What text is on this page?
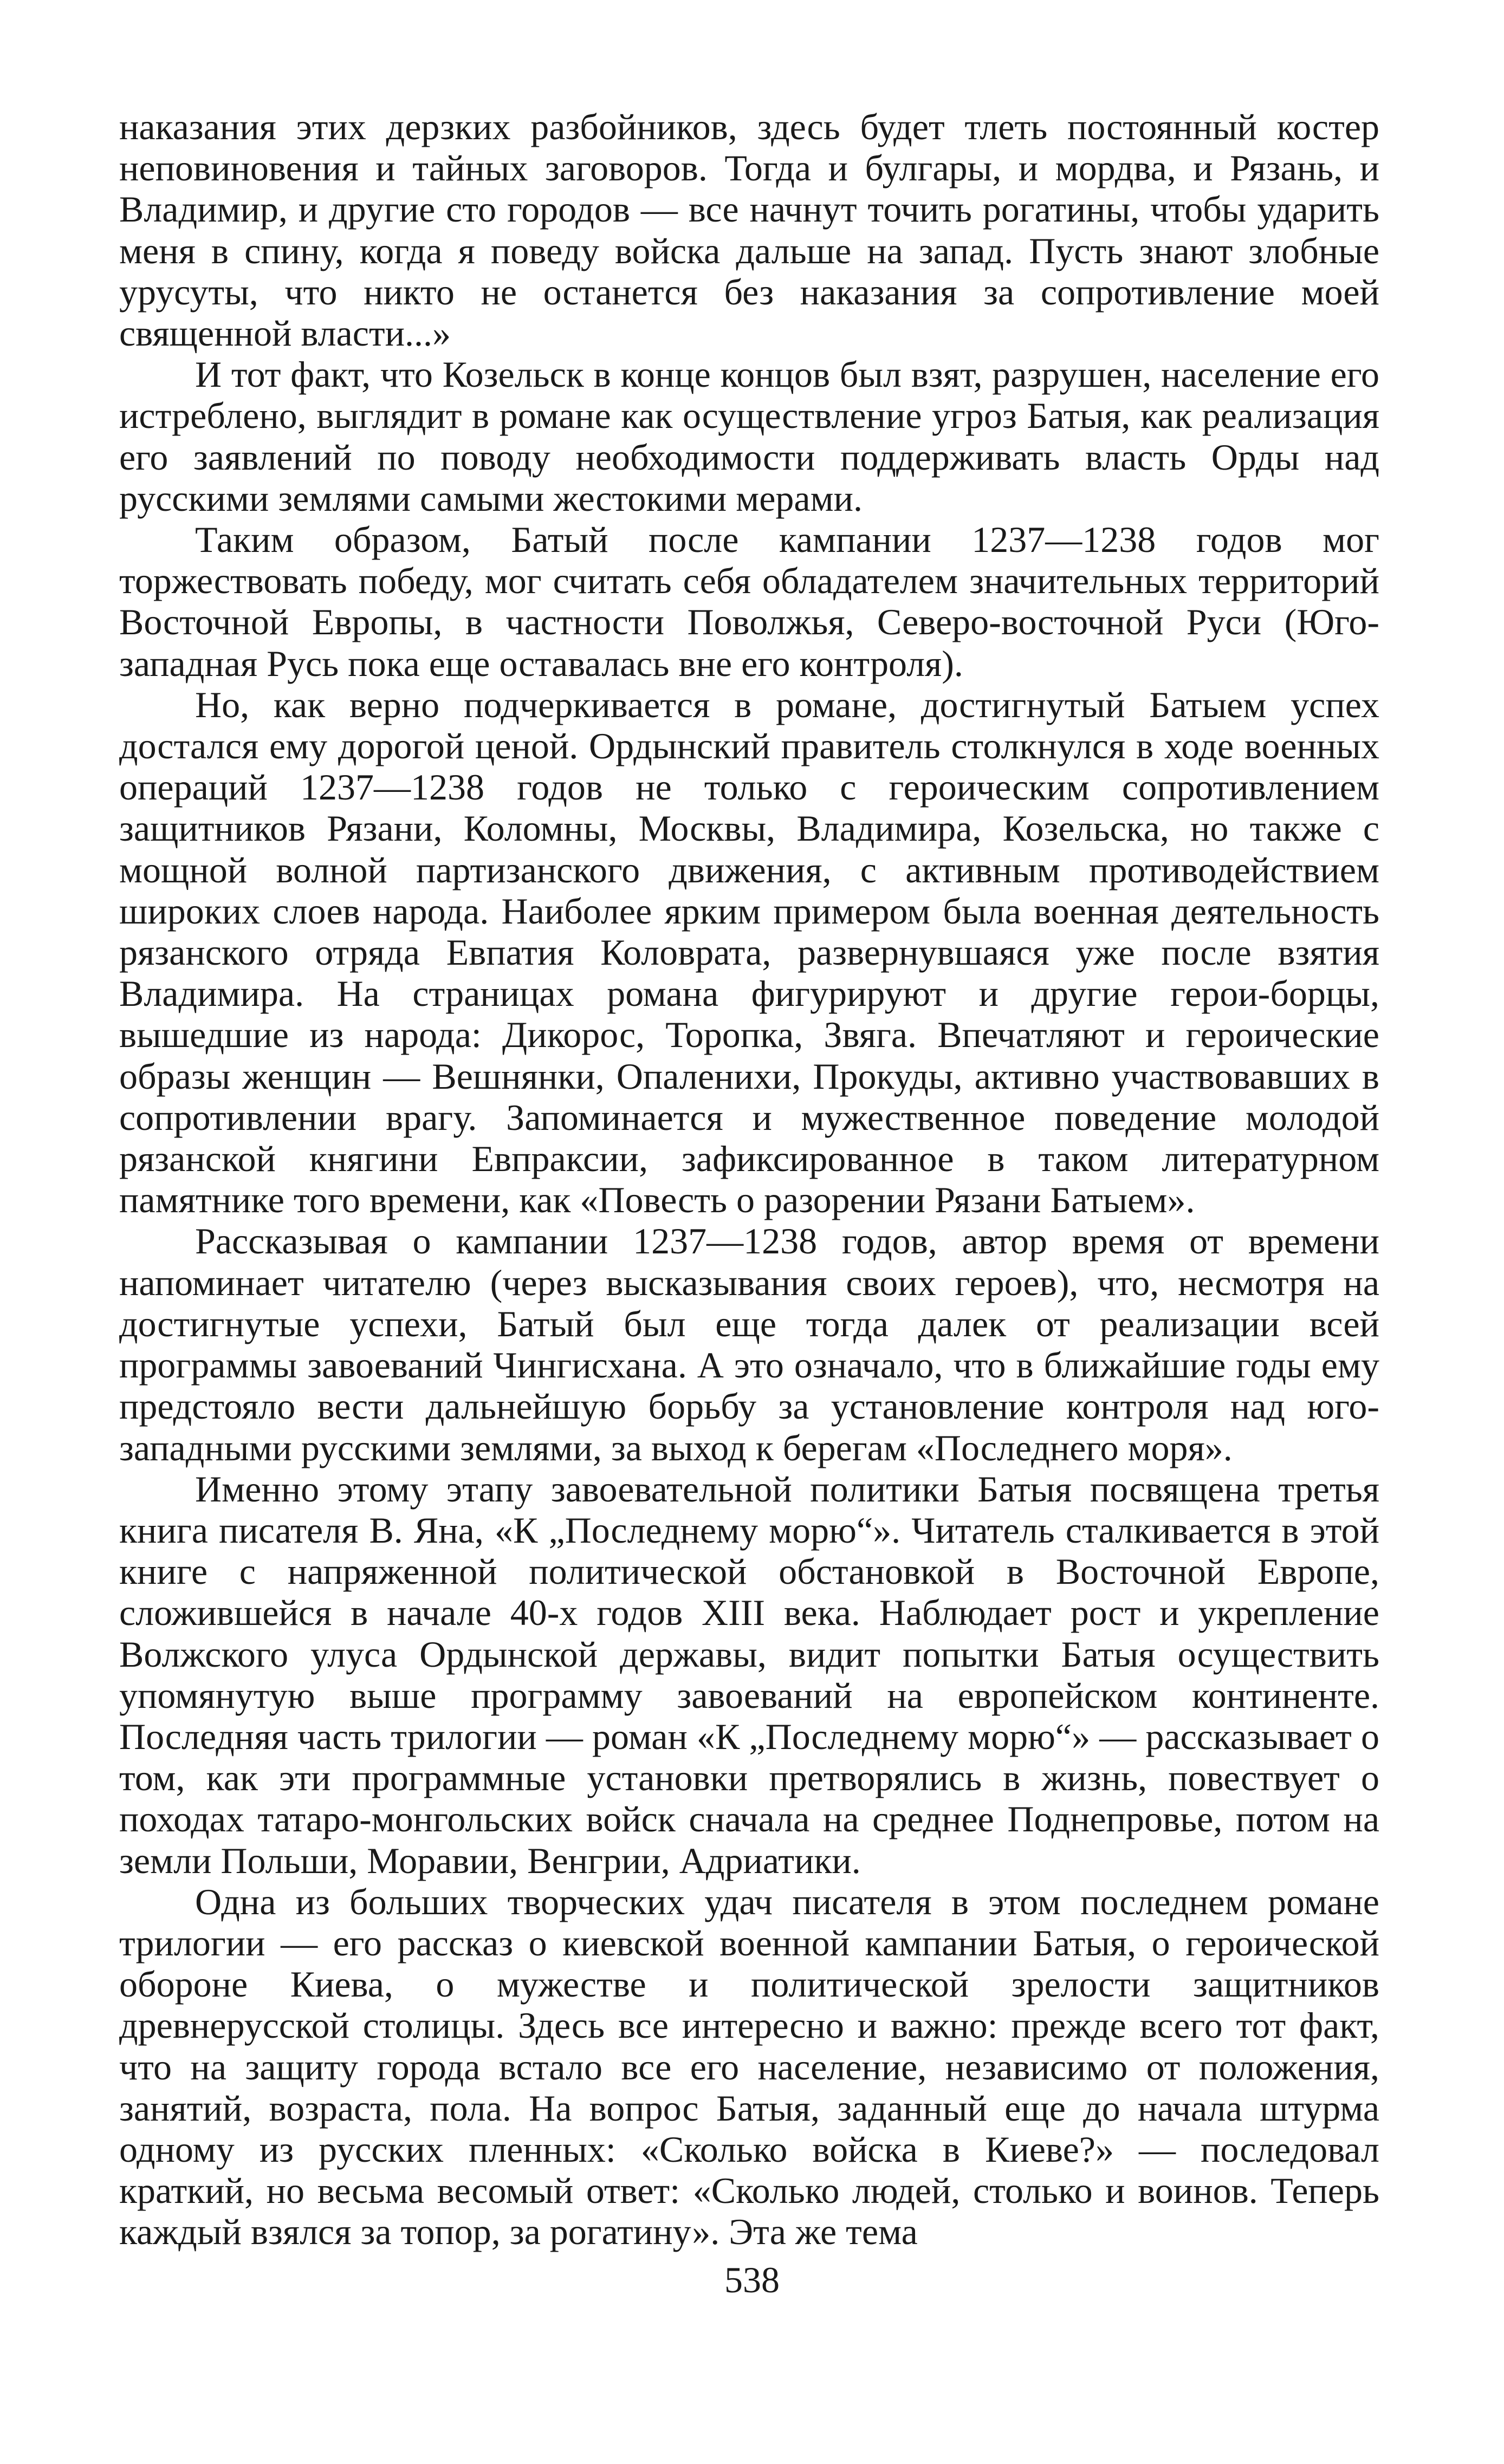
наказания этих дерзких разбойников, здесь будет тлеть постоянный костер неповиновения и тайных заговоров. Тогда и булгары, и мордва, и Рязань, и Владимир, и другие сто городов — все начнут точить рогатины, чтобы ударить меня в спину, когда я поведу войска дальше на запад. Пусть знают злобные урусуты, что никто не останется без наказания за сопротивление моей священной власти...»

И тот факт, что Козельск в конце концов был взят, разрушен, население его истреблено, выглядит в романе как осуществление угроз Батыя, как реализация его заявлений по поводу необходимости поддерживать власть Орды над русскими землями самыми жестокими мерами.

Таким образом, Батый после кампании 1237—1238 годов мог торжествовать победу, мог считать себя обладателем значительных территорий Восточной Европы, в частности Поволжья, Северо-восточной Руси (Юго-западная Русь пока еще оставалась вне его контроля).

Но, как верно подчеркивается в романе, достигнутый Батыем успех достался ему дорогой ценой. Ордынский правитель столкнулся в ходе военных операций 1237—1238 годов не только с героическим сопротивлением защитников Рязани, Коломны, Москвы, Владимира, Козельска, но также с мощной волной партизанского движения, с активным противодействием широких слоев народа. Наиболее ярким примером была военная деятельность рязанского отряда Евпатия Коловрата, развернувшаяся уже после взятия Владимира. На страницах романа фигурируют и другие герои-борцы, вышедшие из народа: Дикорос, Торопка, Звяга. Впечатляют и героические образы женщин — Вешнянки, Опаленихи, Прокуды, активно участвовавших в сопротивлении врагу. Запоминается и мужественное поведение молодой рязанской княгини Евпраксии, зафиксированное в таком литературном памятнике того времени, как «Повесть о разорении Рязани Батыем».

Рассказывая о кампании 1237—1238 годов, автор время от времени напоминает читателю (через высказывания своих героев), что, несмотря на достигнутые успехи, Батый был еще тогда далек от реализации всей программы завоеваний Чингисхана. А это означало, что в ближайшие годы ему предстояло вести дальнейшую борьбу за установление контроля над юго-западными русскими землями, за выход к берегам «Последнего моря».

Именно этому этапу завоевательной политики Батыя посвящена третья книга писателя В. Яна, «К „Последнему морю“». Читатель сталкивается в этой книге с напряженной политической обстановкой в Восточной Европе, сложившейся в начале 40-х годов XIII века. Наблюдает рост и укрепление Волжского улуса Ордынской державы, видит попытки Батыя осуществить упомянутую выше программу завоеваний на европейском континенте. Последняя часть трилогии — роман «К „Последнему морю“» — рассказывает о том, как эти программные установки претворялись в жизнь, повествует о походах татаро-монгольских войск сначала на среднее Поднепровье, потом на земли Польши, Моравии, Венгрии, Адриатики.

Одна из больших творческих удач писателя в этом последнем романе трилогии — его рассказ о киевской военной кампании Батыя, о героической обороне Киева, о мужестве и политической зрелости защитников древнерусской столицы. Здесь все интересно и важно: прежде всего тот факт, что на защиту города встало все его население, независимо от положения, занятий, возраста, пола. На вопрос Батыя, заданный еще до начала штурма одному из русских пленных: «Сколько войска в Киеве?» — последовал краткий, но весьма весомый ответ: «Сколько людей, столько и воинов. Теперь каждый взялся за топор, за рогатину». Эта же тема

538
